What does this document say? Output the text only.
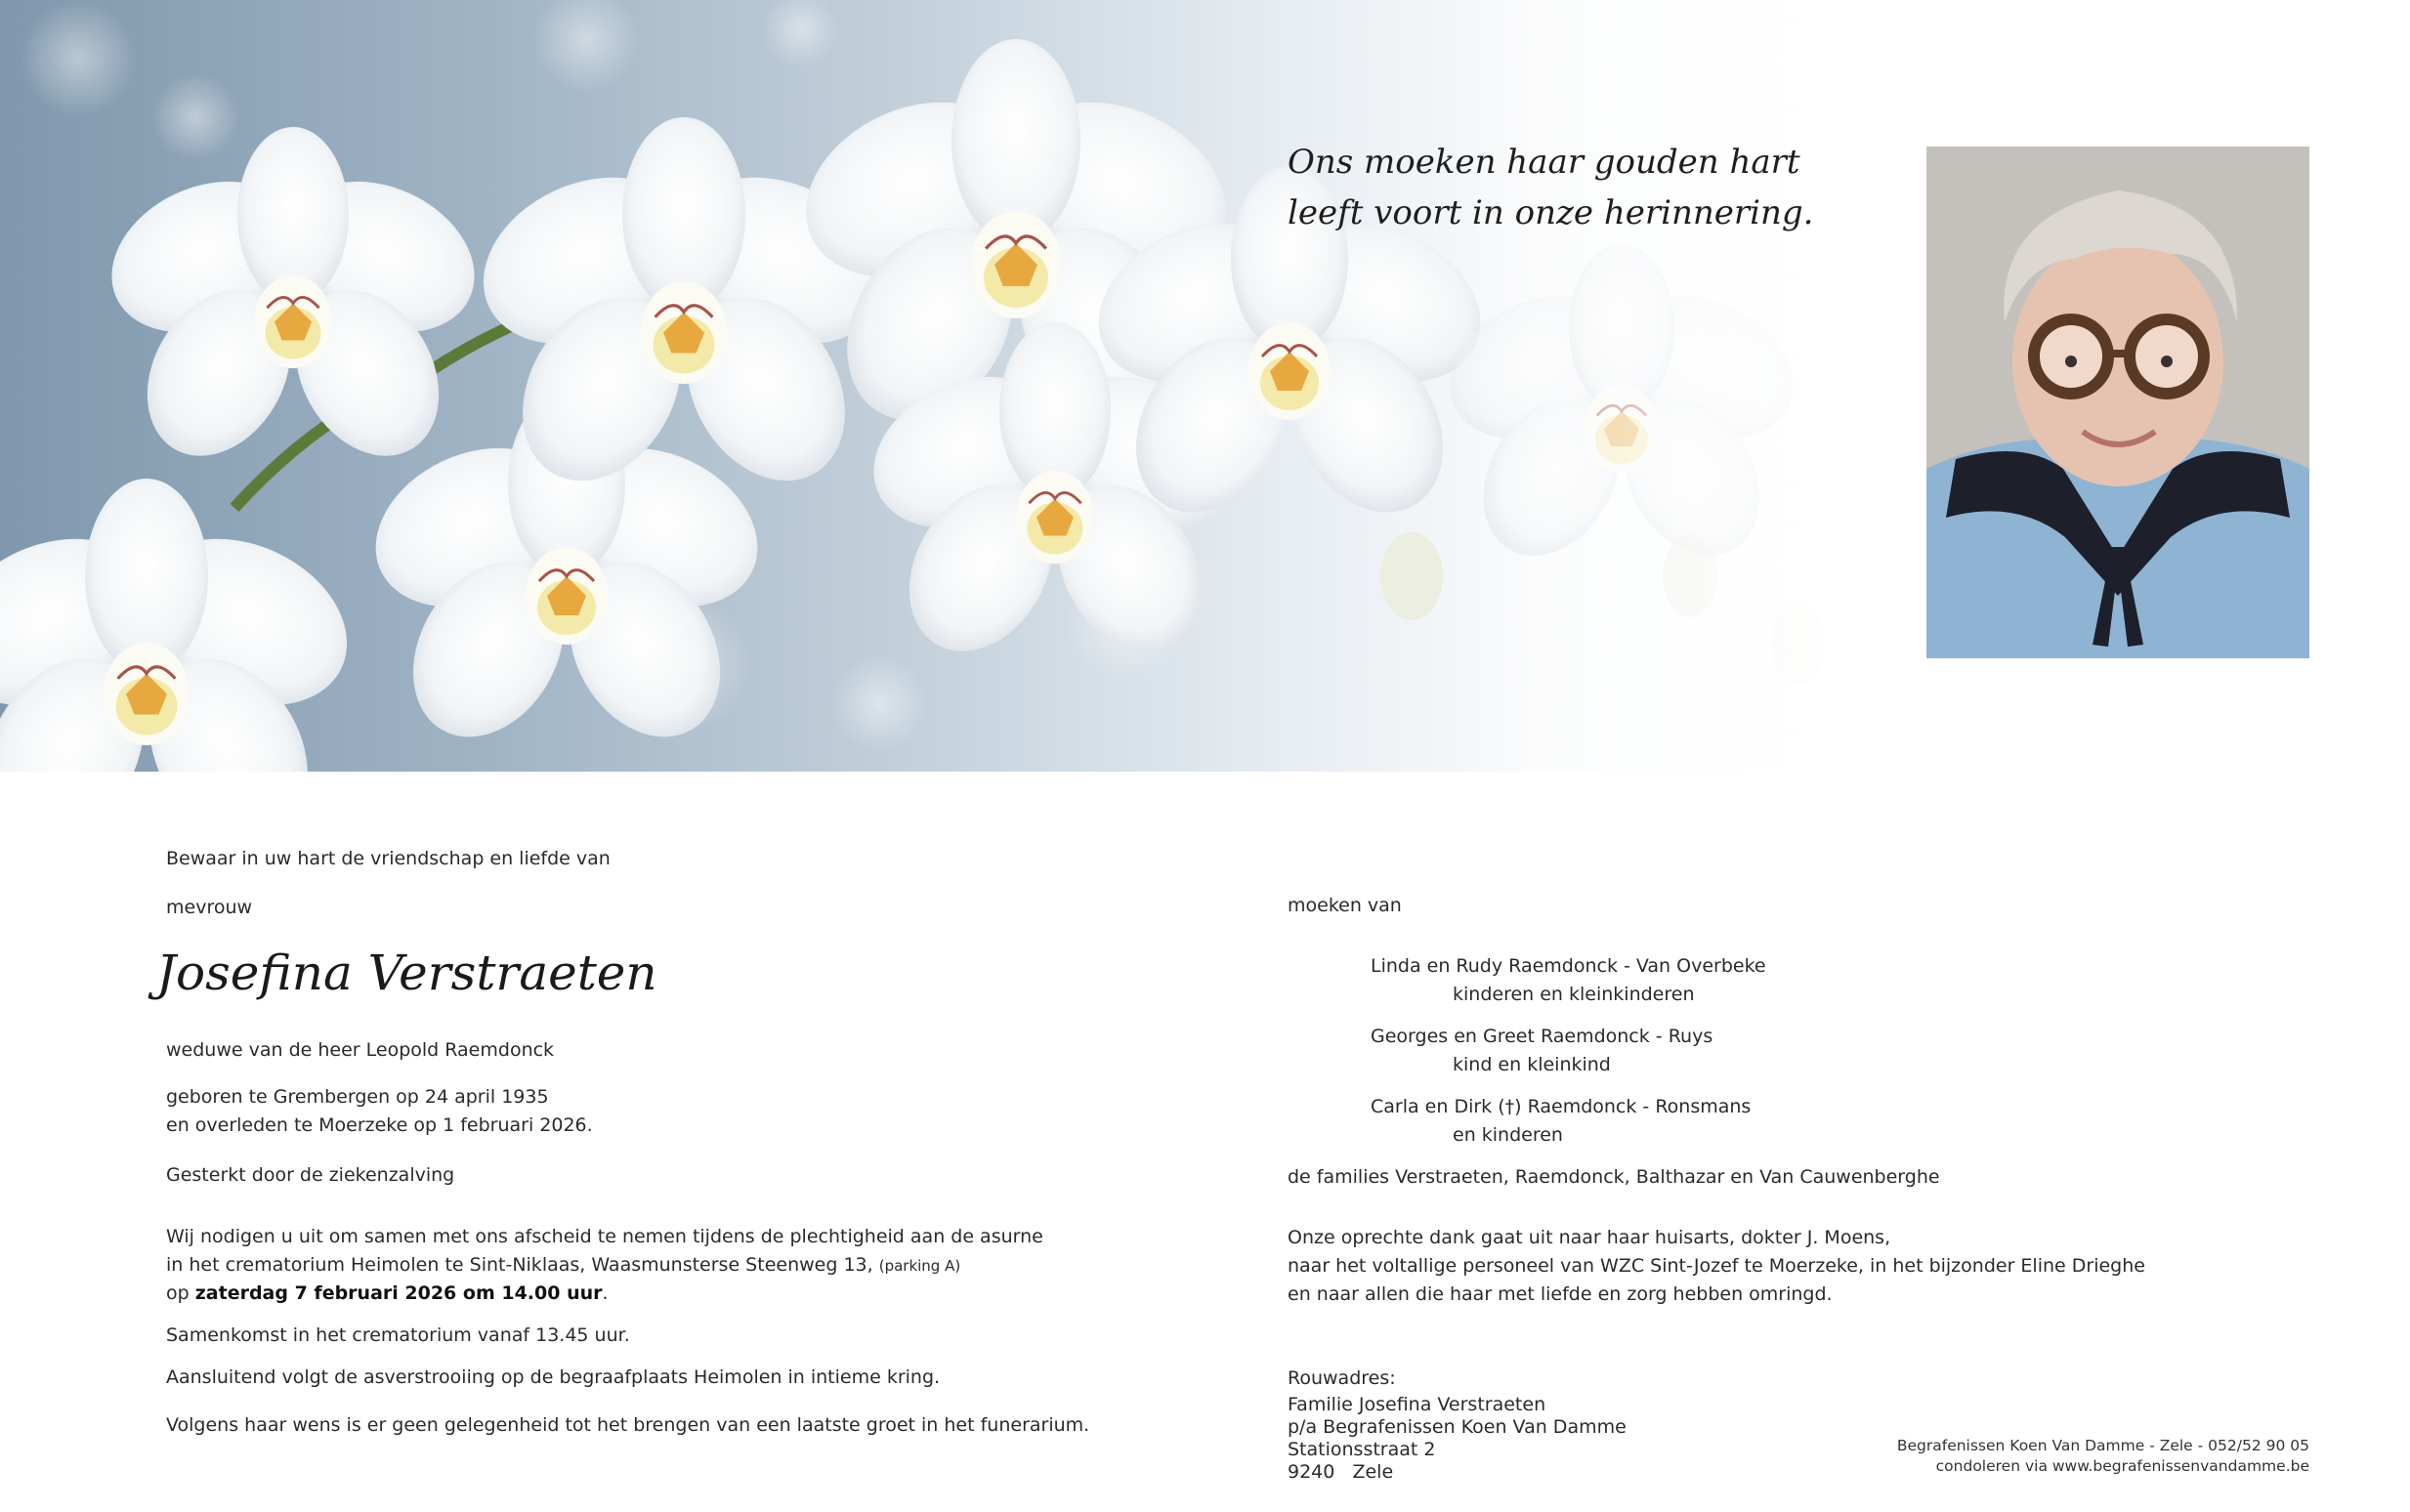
Ons moeken haar gouden hart
leeft voort in onze herinnering.
Bewaar in uw hart de vriendschap en liefde van
mevrouw
Josefina Verstraeten
weduwe van de heer Leopold Raemdonck
geboren te Grembergen op 24 april 1935
en overleden te Moerzeke op 1 februari 2026.
Gesterkt door de ziekenzalving
Wij nodigen u uit om samen met ons afscheid te nemen tijdens de plechtigheid aan de asurne
in het crematorium Heimolen te Sint-Niklaas, Waasmunsterse Steenweg 13, (parking A)
op zaterdag 7 februari 2026 om 14.00 uur.
Samenkomst in het crematorium vanaf 13.45 uur.
Aansluitend volgt de asverstrooiing op de begraafplaats Heimolen in intieme kring.
Volgens haar wens is er geen gelegenheid tot het brengen van een laatste groet in het funerarium.
moeken van
Linda en Rudy Raemdonck - Van Overbeke
kinderen en kleinkinderen
Georges en Greet Raemdonck - Ruys
kind en kleinkind
Carla en Dirk (†) Raemdonck - Ronsmans
en kinderen
de families Verstraeten, Raemdonck, Balthazar en Van Cauwenberghe
Onze oprechte dank gaat uit naar haar huisarts, dokter J. Moens,
naar het voltallige personeel van WZC Sint-Jozef te Moerzeke, in het bijzonder Eline Drieghe
en naar allen die haar met liefde en zorg hebben omringd.
Rouwadres:
Familie Josefina Verstraeten
p/a Begrafenissen Koen Van Damme
Stationsstraat 2
9240   Zele
Begrafenissen Koen Van Damme - Zele - 052/52 90 05
condoleren via www.begrafenissenvandamme.be
